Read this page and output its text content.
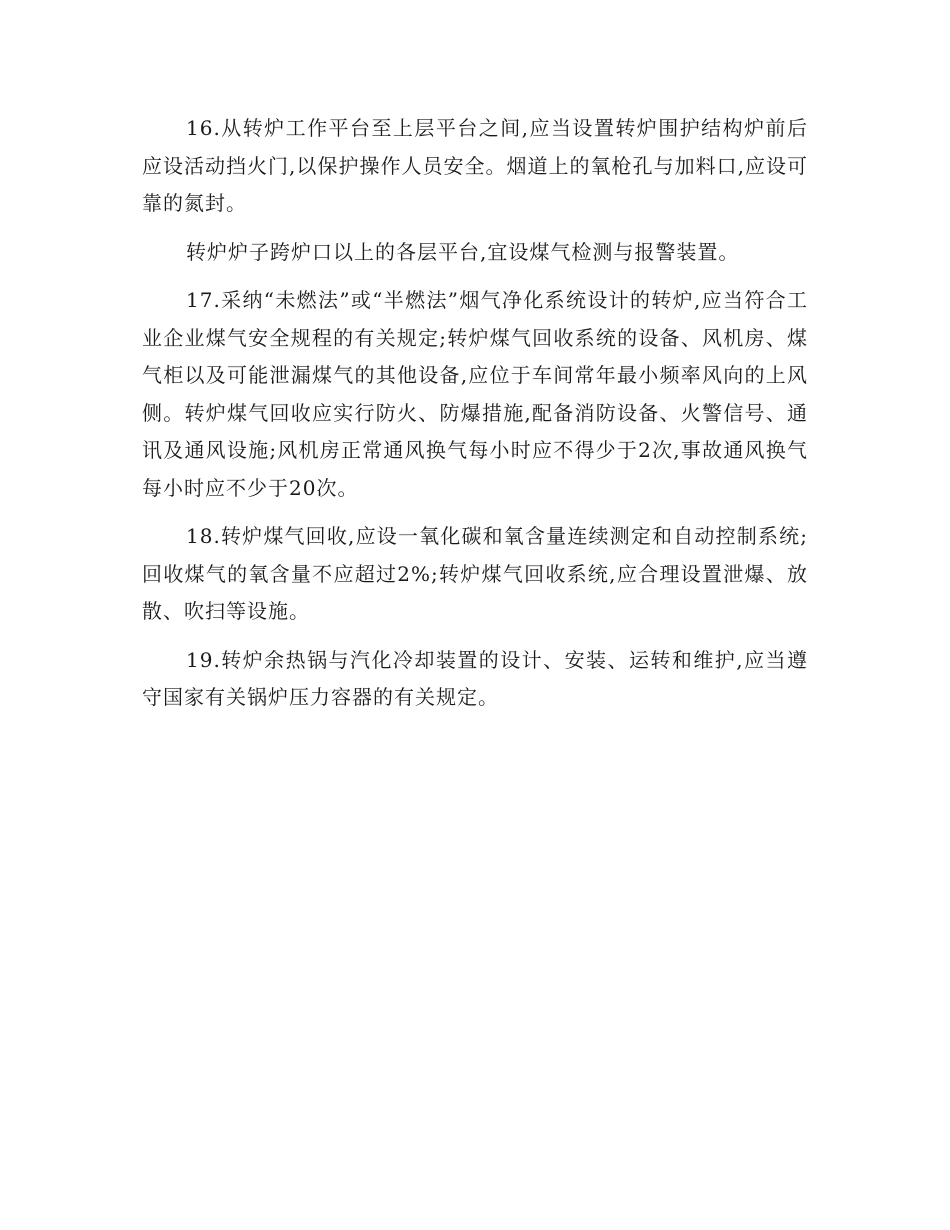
16.从转炉工作平台至上层平台之间,应当设置转炉围护结构炉前后应设活动挡火门,以保护操作人员安全。烟道上的氧枪孔与加料口,应设可靠的氮封。

转炉炉子跨炉口以上的各层平台,宜设煤气检测与报警装置。

17.采纳“未燃法”或“半燃法”烟气净化系统设计的转炉,应当符合工业企业煤气安全规程的有关规定;转炉煤气回收系统的设备、风机房、煤气柜以及可能泄漏煤气的其他设备,应位于车间常年最小频率风向的上风侧。转炉煤气回收应实行防火、防爆措施,配备消防设备、火警信号、通讯及通风设施;风机房正常通风换气每小时应不得少于2次,事故通风换气每小时应不少于20次。

18.转炉煤气回收,应设一氧化碳和氧含量连续测定和自动控制系统;回收煤气的氧含量不应超过2%;转炉煤气回收系统,应合理设置泄爆、放散、吹扫等设施。

19.转炉余热锅与汽化冷却装置的设计、安装、运转和维护,应当遵守国家有关锅炉压力容器的有关规定。
